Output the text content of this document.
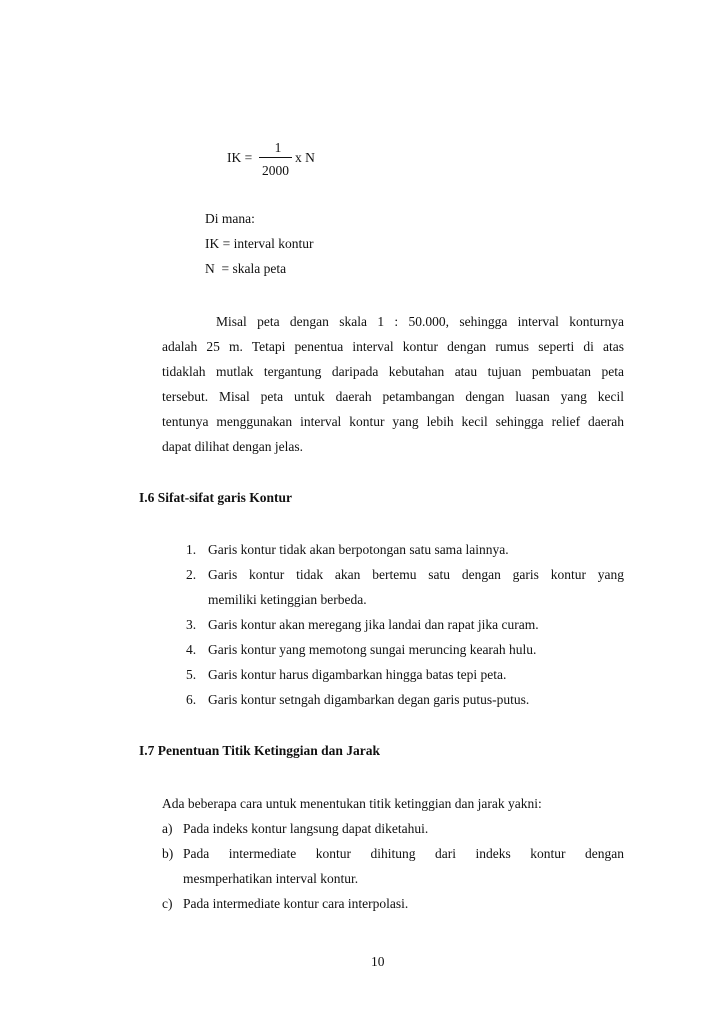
IK =
1
2000
x N
Di mana:
IK = interval kontur
N  = skala peta
Misal peta dengan skala 1 : 50.000, sehingga interval konturnya
adalah 25 m. Tetapi penentua interval kontur dengan rumus seperti di atas
tidaklah mutlak tergantung daripada kebutahan atau tujuan pembuatan peta
tersebut. Misal peta untuk daerah petambangan dengan luasan yang kecil
tentunya menggunakan interval kontur yang lebih kecil sehingga relief daerah
dapat dilihat dengan jelas.
I.6 Sifat-sifat garis Kontur
1. Garis kontur tidak akan berpotongan satu sama lainnya.
2. Garis kontur tidak akan bertemu satu dengan garis kontur yang
memiliki ketinggian berbeda.
3. Garis kontur akan meregang jika landai dan rapat jika curam.
4. Garis kontur yang memotong sungai meruncing kearah hulu.
5. Garis kontur harus digambarkan hingga batas tepi peta.
6. Garis kontur setngah digambarkan degan garis putus-putus.
I.7 Penentuan Titik Ketinggian dan Jarak
Ada beberapa cara untuk menentukan titik ketinggian dan jarak yakni:
a) Pada indeks kontur langsung dapat diketahui.
b) Pada intermediate kontur dihitung dari indeks kontur dengan
mesmperhatikan interval kontur.
c) Pada intermediate kontur cara interpolasi.
10
